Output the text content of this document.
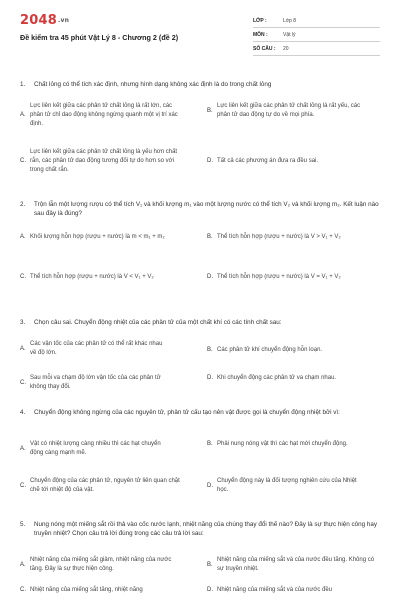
2048.vn
Đề kiểm tra 45 phút Vật Lý 8 - Chương 2 (đề 2)
LỚP :	Lớp 8
MÔN :	Vật lý
SỐ CÂU :	20
1.	Chất lỏng có thể tích xác định, nhưng hình dạng không xác định là do trong chất lỏng
A.
Lực liên kết giữa các phân tử chất lỏng là rất lớn, các phân tử chỉ dao động không ngừng quanh một vị trí xác định.
B.
Lực liên kết giữa các phân tử chất lỏng là rất yếu, các phân tử dao động tự do về mọi phía.
C.
Lực liên kết giữa các phân tử chất lỏng là yếu hơn chất rắn, các phân tử dao động tương đối tự do hơn so với trong chất rắn.
D. Tất cả các phương án đưa ra đều sai.
2.	Trộn lẫn một lượng rượu có thể tích V₁ và khối lượng m₁ vào một lượng nước có thể tích V₂ và khối lượng m₂. Kết luận nào sau đây là đúng?
A. Khối lượng hỗn hợp (rượu + nước) là m < m₁ + m₂	B. Thể tích hỗn hợp (rượu + nước) là V > V₁ + V₂
C. Thể tích hỗn hợp (rượu + nước) là V < V₁ + V₂	D. Thể tích hỗn hợp (rượu + nước) là V = V₁ + V₂
3.	Chọn câu sai. Chuyển động nhiệt của các phân tử của một chất khí có các tính chất sau:
A.
Các vận tốc của các phân tử có thể rất khác nhau về độ lớn.	B. Các phân tử khí chuyển động hỗn loạn.
C.
Sau mỗi va chạm độ lớn vận tốc của các phân tử không thay đổi.
D. Khi chuyển động các phân tử va chạm nhau.
4.	Chuyển động không ngừng của các nguyên tử, phân tử cấu tạo nên vật được gọi là chuyển động nhiệt bởi vì:
A.
Vật có nhiệt lượng càng nhiều thì các hạt chuyển động càng mạnh mẽ.
B. Phải nung nóng vật thì các hạt mới chuyển động.
C.
Chuyển động của các phân tử, nguyên tử liên quan chặt chẽ tới nhiệt độ của vật.
D.
Chuyển động này là đối tượng nghiên cứu của Nhiệt học.
5.	Nung nóng một miếng sắt rồi thả vào cốc nước lạnh, nhiệt năng của chúng thay đổi thế nào? Đây là sự thực hiện công hay truyền nhiệt? Chọn câu trả lời đúng trong các câu trả lời sau:
A.
Nhiệt năng của miếng sắt giảm, nhiệt năng của nước tăng. Đây là sự thực hiện công.
B.
Nhiệt năng của miếng sắt và của nước đều tăng. Không có sự truyền nhiệt.
C. Nhiệt năng của miếng sắt tăng, nhiệt năng	D. Nhiệt năng của miếng sắt và của nước đều
